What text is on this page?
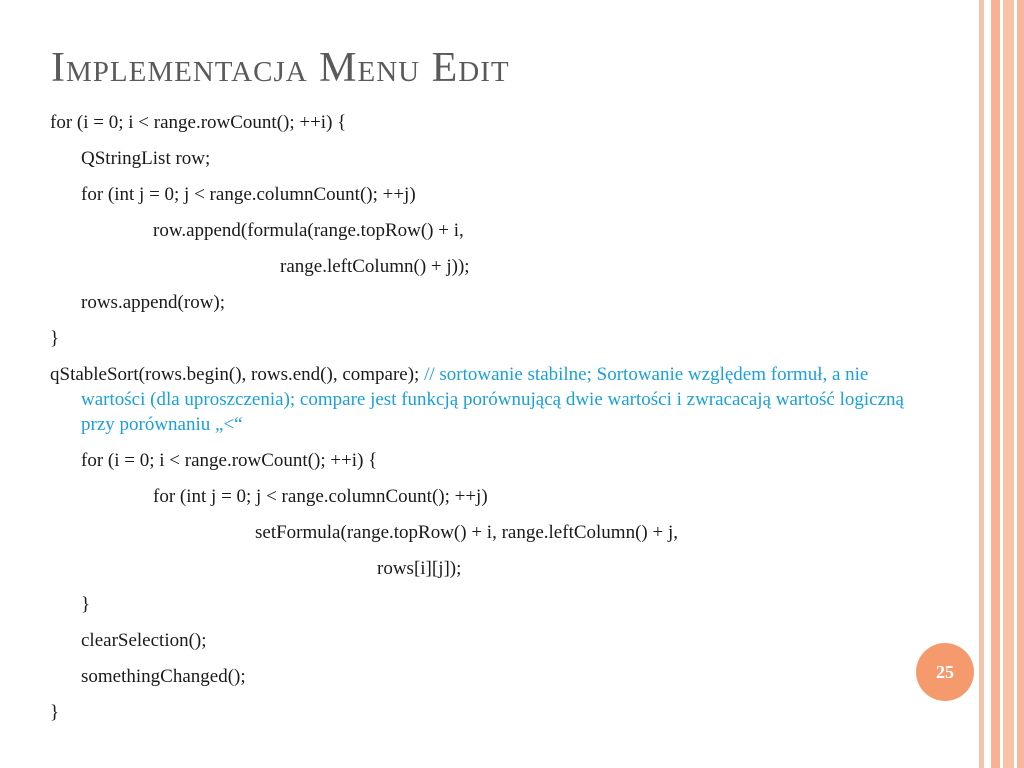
Implementacja Menu Edit
for (i = 0; i < range.rowCount(); ++i) {
QStringList row;
for (int j = 0; j < range.columnCount(); ++j)
row.append(formula(range.topRow() + i,
range.leftColumn() + j));
rows.append(row);
}
qStableSort(rows.begin(), rows.end(), compare); // sortowanie stabilne; Sortowanie względem formuł, a nie wartości (dla uproszczenia); compare jest funkcją porównującą dwie wartości i zwracacają wartość logiczną przy porównaniu „<“
for (i = 0; i < range.rowCount(); ++i) {
for (int j = 0; j < range.columnCount(); ++j)
setFormula(range.topRow() + i, range.leftColumn() + j,
rows[i][j]);
}
clearSelection();
somethingChanged();
}
25
